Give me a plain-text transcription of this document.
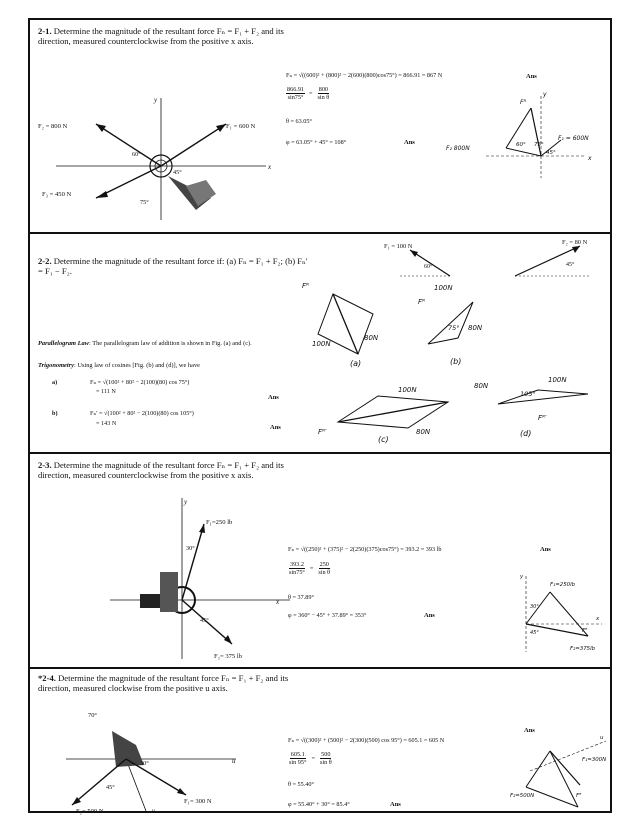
2-1. Determine the magnitude of the resultant force Fₙ = F₁ + F₂ and its direction, measured counterclockwise from the positive x axis.
x
y
F₂ = 800 N	F₁ = 600 N
F₃ = 450 N
60°
45°
75°
Fₙ = √((600)² + (800)² − 2(600)(800)cos75°) = 866.91 = 867 N	Ans
$\frac{866.91}{\sin 75^\circ} = \frac{800}{\text{sin θ}}$
θ = 63.05°
φ = 63.05° + 45° = 108°	Ans
Fᴿ
F₂ 800N
F₁ = 600N
60° 75°
45°
x
y
2-2. Determine the magnitude of the resultant force if: (a) Fₙ = F₁ + F₂; (b) Fₙ′ = F₁ − F₂.
F₁ = 100 N
60°
F₂ = 80 N
45°
Fᴿ
100N
80N
(a)
Fᴿ
100N
75° 80N
(b)
100N
80N
Fᴿ′
(c)
80N
100N
105°
Fᴿ′
(d)
Parallelogram Law: The parallelogram law of addition is shown in Fig. (a) and (c).
Trigonometry: Using law of cosines [Fig. (b) and (d)], we have
a)	Fₙ = √(100² + 80² − 2(100)(80) cos 75°)
= 111 N
Ans
b)	Fₙ′ = √(100² + 80² − 2(100)(80) cos 105°)
= 143 N
Ans
2-3. Determine the magnitude of the resultant force Fₙ = F₁ + F₂ and its direction, measured counterclockwise from the positive x axis.
x
y
F₁=250 lb
F₂= 375 lb
30°
45°
Fₙ = √((250)² + (375)² − 2(250)(375)cos75°) = 393.2 = 393 lb	Ans
$\frac{393.2}{\sin 75^\circ} = \frac{250}{\text{sin θ}}$
θ = 37.89°
φ = 360° − 45° + 37.89° = 353°	Ans
F₁=250lb
F₂=375lb
Fᴿ
30°
45°
y
x
*2-4. Determine the magnitude of the resultant force Fₙ = F₁ + F₂ and its direction, measured clockwise from the positive u axis.
u
v
70°
30°
45°
F₁= 300 N
F₂= 500 N
Fₙ = √((300)² + (500)² − 2(300)(500) cos 95°) = 605.1 = 605 N
Ans
$\frac{605.1}{\sin 95^\circ} = \frac{500}{\text{sin θ}}$
θ = 55.40°
φ = 55.40° + 30° = 85.4°	Ans
F₁=300N
F₂=500N	Fᴿ
u
